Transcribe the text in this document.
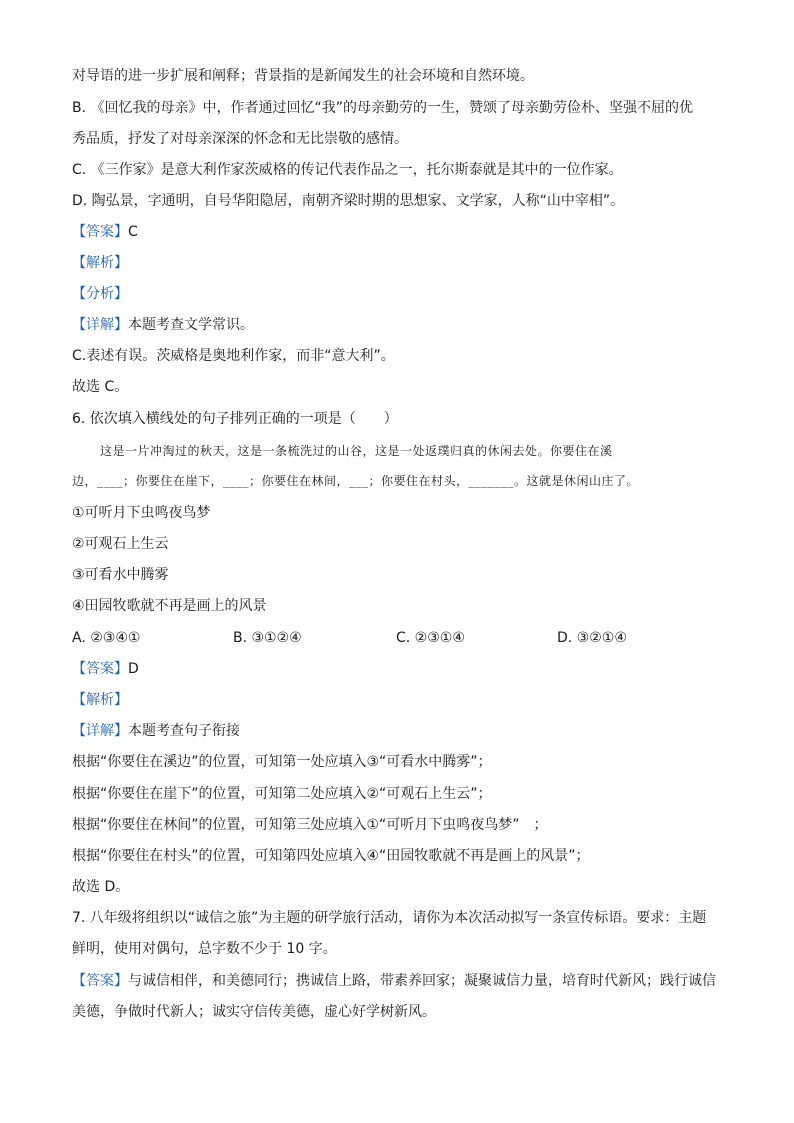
对导语的进一步扩展和阐释；背景指的是新闻发生的社会环境和自然环境。
B. 《回忆我的母亲》中，作者通过回忆“我”的母亲勤劳的一生，赞颂了母亲勤劳俭朴、坚强不屈的优
秀品质，抒发了对母亲深深的怀念和无比崇敬的感情。
C. 《三作家》是意大利作家茨威格的传记代表作品之一，托尔斯泰就是其中的一位作家。
D. 陶弘景，字通明，自号华阳隐居，南朝齐梁时期的思想家、文学家，人称“山中宰相”。
【答案】C
【解析】
【分析】
【详解】本题考查文学常识。
C.表述有误。茨威格是奥地利作家，而非“意大利”。
故选 C。
6. 依次填入横线处的句子排列正确的一项是（　　）
这是一片冲淘过的秋天，这是一条梳洗过的山谷，这是一处返璞归真的休闲去处。你要住在溪
边，____；你要住在崖下，____；你要住在林间，___；你要住在村头，_______。这就是休闲山庄了。
①可听月下虫鸣夜鸟梦
②可观石上生云
③可看水中腾雾
④田园牧歌就不再是画上的风景
A. ②③④①	B. ③①②④	C. ②③①④	D. ③②①④
【答案】D
【解析】
【详解】本题考查句子衔接
根据“你要住在溪边”的位置，可知第一处应填入③“可看水中腾雾”；
根据“你要住在崖下”的位置，可知第二处应填入②“可观石上生云”；
根据“你要住在林间”的位置，可知第三处应填入①“可听月下虫鸣夜鸟梦”　；
根据“你要住在村头”的位置，可知第四处应填入④“田园牧歌就不再是画上的风景”；
故选 D。
7. 八年级将组织以“诚信之旅”为主题的研学旅行活动，请你为本次活动拟写一条宣传标语。要求：主题
鲜明，使用对偶句，总字数不少于 10 字。
【答案】与诚信相伴，和美德同行；携诚信上路，带素养回家；凝聚诚信力量，培育时代新风；践行诚信
美德，争做时代新人；诚实守信传美德，虚心好学树新风。
